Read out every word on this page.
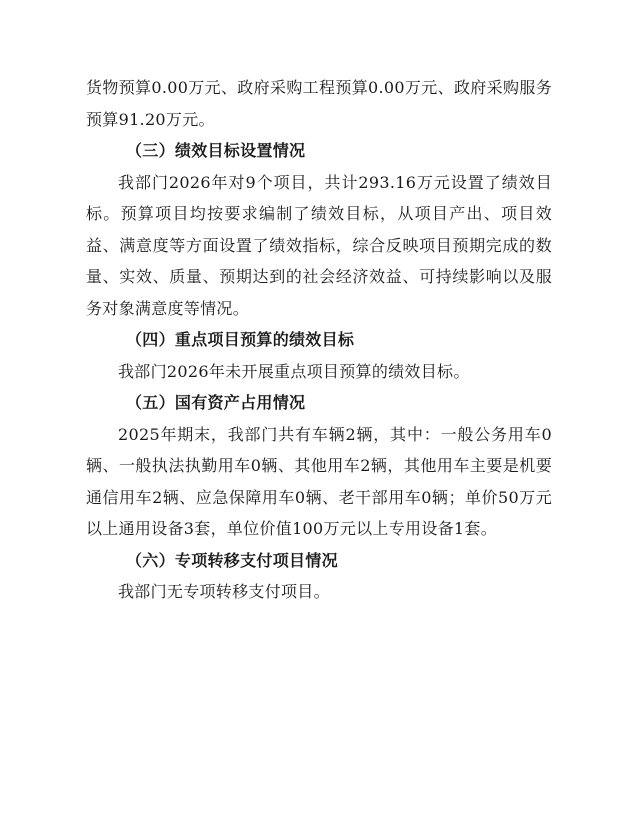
货物预算0.00万元、政府采购工程预算0.00万元、政府采购服务预算91.20万元。

（三）绩效目标设置情况

我部门2026年对9个项目，共计293.16万元设置了绩效目标。预算项目均按要求编制了绩效目标，从项目产出、项目效益、满意度等方面设置了绩效指标，综合反映项目预期完成的数量、实效、质量、预期达到的社会经济效益、可持续影响以及服务对象满意度等情况。

（四）重点项目预算的绩效目标

我部门2026年未开展重点项目预算的绩效目标。

（五）国有资产占用情况

2025年期末，我部门共有车辆2辆，其中：一般公务用车0辆、一般执法执勤用车0辆、其他用车2辆，其他用车主要是机要通信用车2辆、应急保障用车0辆、老干部用车0辆；单价50万元以上通用设备3套，单位价值100万元以上专用设备1套。

（六）专项转移支付项目情况

我部门无专项转移支付项目。
